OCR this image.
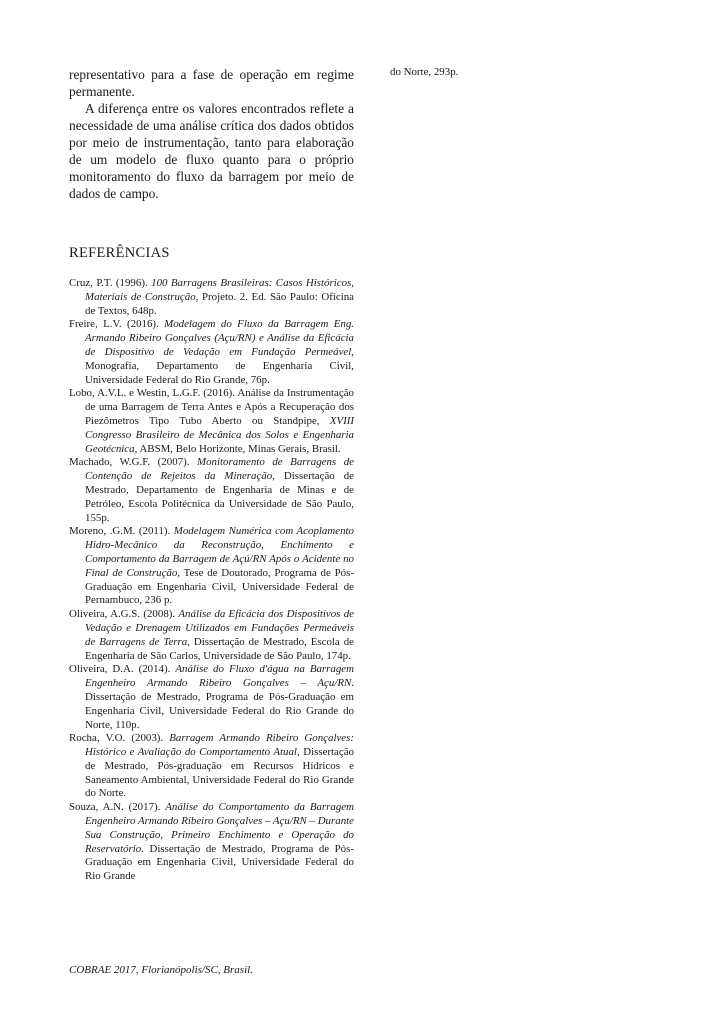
representativo para a fase de operação em regime permanente.

A diferença entre os valores encontrados reflete a necessidade de uma análise crítica dos dados obtidos por meio de instrumentação, tanto para elaboração de um modelo de fluxo quanto para o próprio monitoramento do fluxo da barragem por meio de dados de campo.

REFERÊNCIAS
Cruz, P.T. (1996). 100 Barragens Brasileiras: Casos Históricos, Materiais de Construção, Projeto. 2. Ed. São Paulo: Oficina de Textos, 648p.
Freire, L.V. (2016). Modelagem do Fluxo da Barragem Eng. Armando Ribeiro Gonçalves (Açu/RN) e Análise da Eficácia de Dispositivo de Vedação em Fundação Permeável, Monografia, Departamento de Engenharia Civil, Universidade Federal do Rio Grande, 76p.
Lobo, A.V.L. e Westin, L.G.F. (2016). Análise da Instrumentação de uma Barragem de Terra Antes e Após a Recuperação dos Piezômetros Tipo Tubo Aberto ou Standpipe, XVIII Congresso Brasileiro de Mecânica dos Solos e Engenharia Geotécnica, ABSM, Belo Horizonte, Minas Gerais, Brasil.
Machado, W.G.F. (2007). Monitoramento de Barragens de Contenção de Rejeitos da Mineração, Dissertação de Mestrado, Departamento de Engenharia de Minas e de Petróleo, Escola Politécnica da Universidade de São Paulo, 155p.
Moreno, .G.M. (2011). Modelagem Numérica com Acoplamento Hidro-Mecânico da Reconstrução, Enchimento e Comportamento da Barragem de Açú/RN Após o Acidente no Final de Construção, Tese de Doutorado, Programa de Pós-Graduação em Engenharia Civil, Universidade Federal de Pernambuco, 236 p.
Oliveira, A.G.S. (2008). Análise da Eficácia dos Dispositivos de Vedação e Drenagem Utilizados em Fundações Permeáveis de Barragens de Terra, Dissertação de Mestrado, Escola de Engenharia de São Carlos, Universidade de São Paulo, 174p.
Oliveira, D.A. (2014). Análise do Fluxo d'água na Barragem Engenheiro Armando Ribeiro Gonçalves – Açu/RN. Dissertação de Mestrado, Programa de Pós-Graduação em Engenharia Civil, Universidade Federal do Rio Grande do Norte, 110p.
Rocha, V.O. (2003). Barragem Armando Ribeiro Gonçalves: Histórico e Avaliação do Comportamento Atual, Dissertação de Mestrado, Pós-graduação em Recursos Hídricos e Saneamento Ambiental, Universidade Federal do Rio Grande do Norte.
Souza, A.N. (2017). Análise do Comportamento da Barragem Engenheiro Armando Ribeiro Gonçalves – Açu/RN – Durante Sua Construção, Primeiro Enchimento e Operação do Reservatório. Dissertação de Mestrado, Programa de Pós-Graduação em Engenharia Civil, Universidade Federal do Rio Grande

do Norte, 293p.

COBRAE 2017, Florianópolis/SC, Brasil.
